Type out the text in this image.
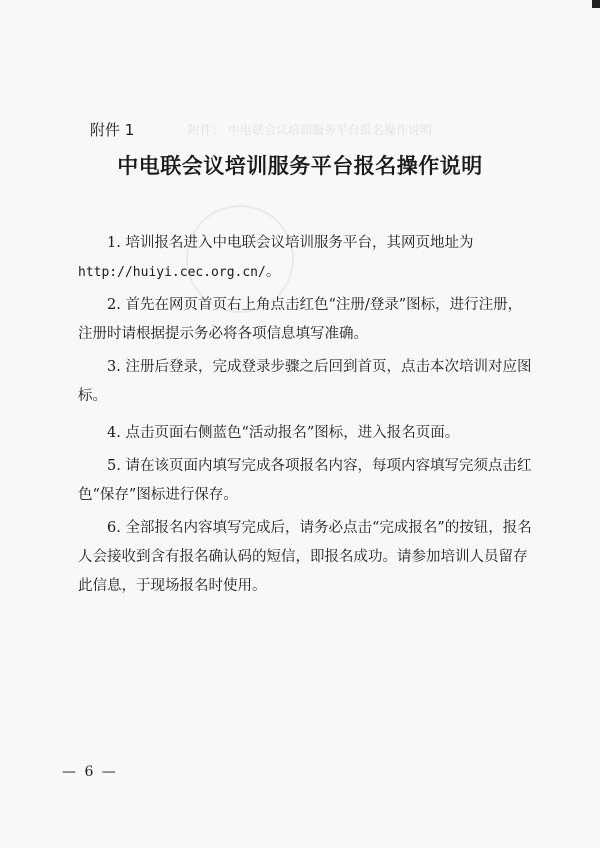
附件： 中电联会议培训服务平台报名操作说明
附件 1
中电联会议培训服务平台报名操作说明
1. 培训报名进入中电联会议培训服务平台，其网页地址为 http://huiyi.cec.org.cn/。
2. 首先在网页首页右上角点击红色“注册/登录”图标，进行注册，注册时请根据提示务必将各项信息填写准确。
3. 注册后登录，完成登录步骤之后回到首页，点击本次培训对应图标。
4. 点击页面右侧蓝色“活动报名”图标，进入报名页面。
5. 请在该页面内填写完成各项报名内容，每项内容填写完须点击红色“保存”图标进行保存。
6. 全部报名内容填写完成后，请务必点击“完成报名”的按钮，报名人会接收到含有报名确认码的短信，即报名成功。请参加培训人员留存此信息，于现场报名时使用。
— 6 —
